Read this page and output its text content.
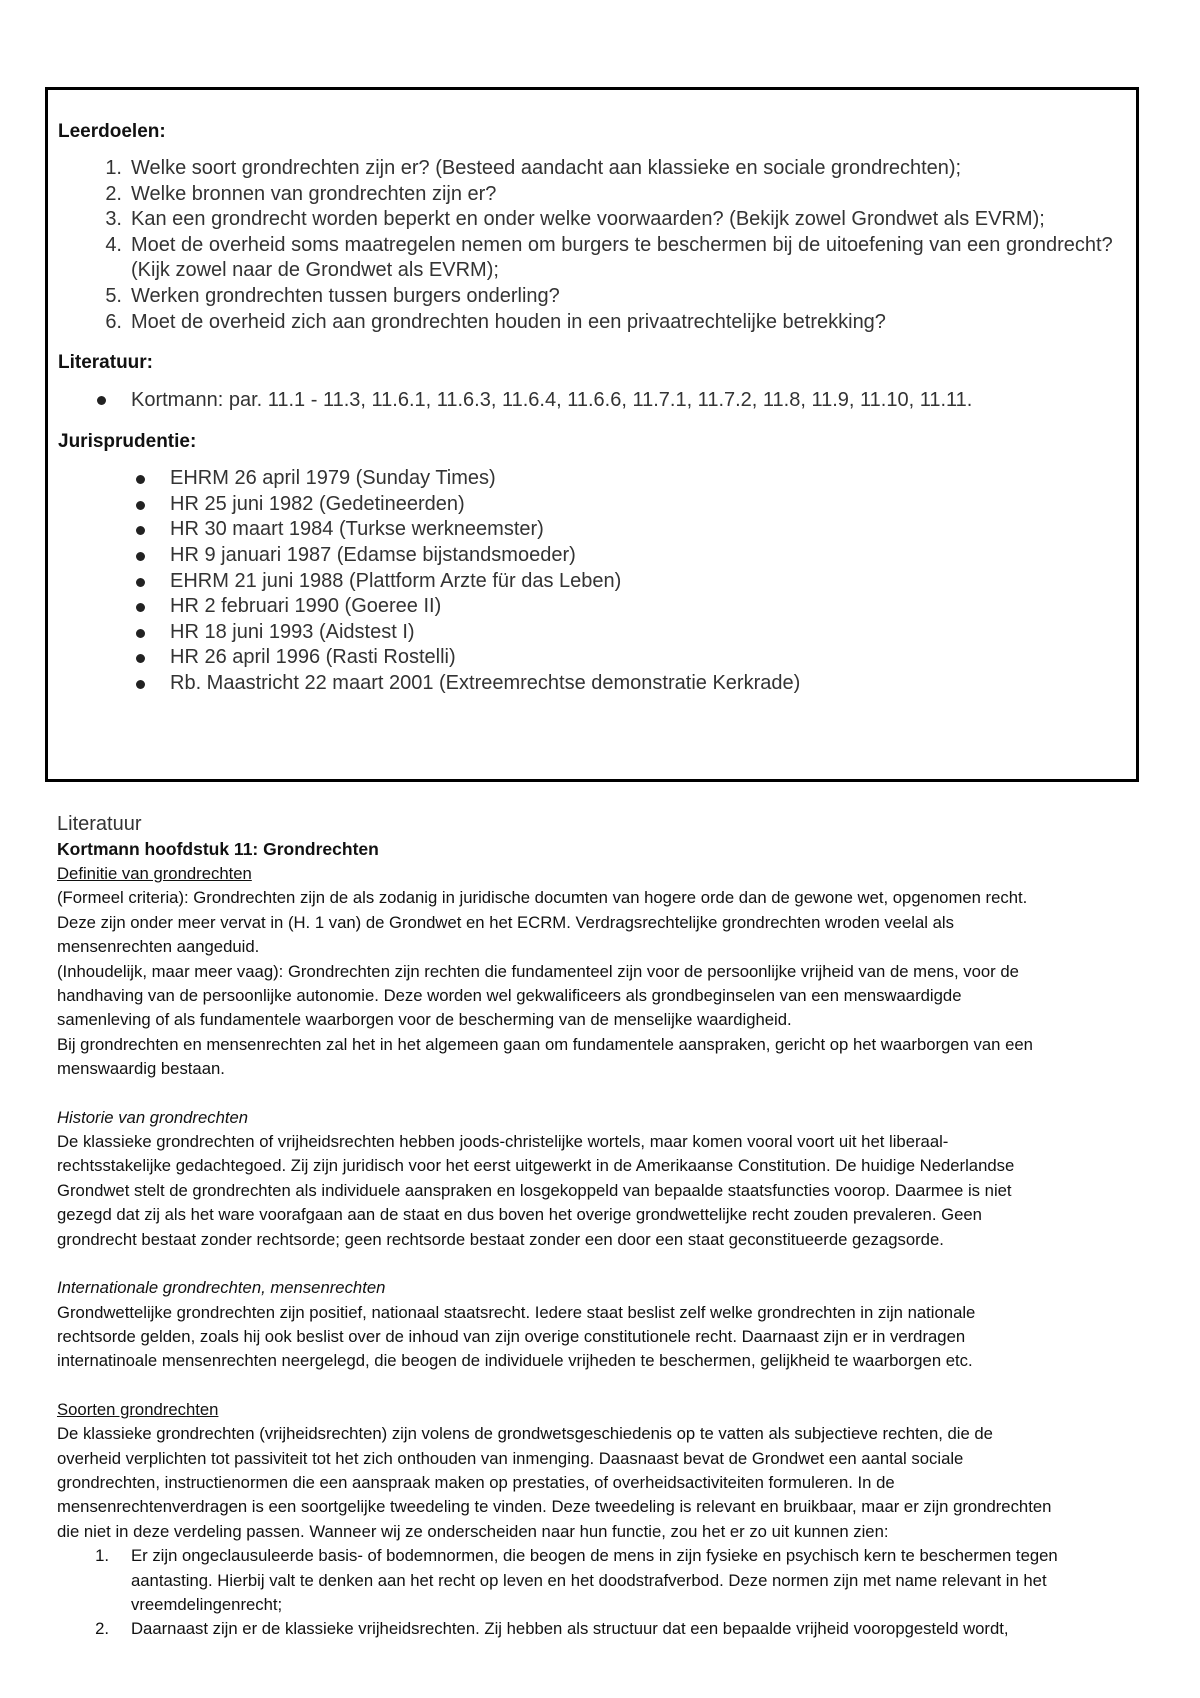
Leerdoelen:

1. Welke soort grondrechten zijn er? (Besteed aandacht aan klassieke en sociale grondrechten);
2. Welke bronnen van grondrechten zijn er?
3. Kan een grondrecht worden beperkt en onder welke voorwaarden? (Bekijk zowel Grondwet als EVRM);
4. Moet de overheid soms maatregelen nemen om burgers te beschermen bij de uitoefening van een grondrecht? (Kijk zowel naar de Grondwet als EVRM);
5. Werken grondrechten tussen burgers onderling?
6. Moet de overheid zich aan grondrechten houden in een privaatrechtelijke betrekking?

Literatuur:

Kortmann: par. 11.1 - 11.3, 11.6.1, 11.6.3, 11.6.4, 11.6.6, 11.7.1, 11.7.2, 11.8, 11.9, 11.10, 11.11.

Jurisprudentie:

EHRM 26 april 1979 (Sunday Times)
HR 25 juni 1982 (Gedetineerden)
HR 30 maart 1984 (Turkse werkneemster)
HR 9 januari 1987 (Edamse bijstandsmoeder)
EHRM 21 juni 1988 (Plattform Arzte für das Leben)
HR 2 februari 1990 (Goeree II)
HR 18 juni 1993 (Aidstest I)
HR 26 april 1996 (Rasti Rostelli)
Rb. Maastricht 22 maart 2001 (Extreemrechtse demonstratie Kerkrade)

Literatuur

Kortmann hoofdstuk 11: Grondrechten

Definitie van grondrechten

(Formeel criteria): Grondrechten zijn de als zodanig in juridische documten van hogere orde dan de gewone wet, opgenomen recht.

Deze zijn onder meer vervat in (H. 1 van) de Grondwet en het ECRM. Verdragsrechtelijke grondrechten wroden veelal als

mensenrechten aangeduid.

(Inhoudelijk, maar meer vaag): Grondrechten zijn rechten die fundamenteel zijn voor de persoonlijke vrijheid van de mens, voor de

handhaving van de persoonlijke autonomie. Deze worden wel gekwalificeers als grondbeginselen van een menswaardigde

samenleving of als fundamentele waarborgen voor de bescherming van de menselijke waardigheid.

Bij grondrechten en mensenrechten zal het in het algemeen gaan om fundamentele aanspraken, gericht op het waarborgen van een

menswaardig bestaan.

Historie van grondrechten

De klassieke grondrechten of vrijheidsrechten hebben joods-christelijke wortels, maar komen vooral voort uit het liberaal-

rechtsstakelijke gedachtegoed. Zij zijn juridisch voor het eerst uitgewerkt in de Amerikaanse Constitution. De huidige Nederlandse

Grondwet stelt de grondrechten als individuele aanspraken en losgekoppeld van bepaalde staatsfuncties voorop. Daarmee is niet

gezegd dat zij als het ware voorafgaan aan de staat en dus boven het overige grondwettelijke recht zouden prevaleren. Geen

grondrecht bestaat zonder rechtsorde; geen rechtsorde bestaat zonder een door een staat geconstitueerde gezagsorde.

Internationale grondrechten, mensenrechten

Grondwettelijke grondrechten zijn positief, nationaal staatsrecht. Iedere staat beslist zelf welke grondrechten in zijn nationale

rechtsorde gelden, zoals hij ook beslist over de inhoud van zijn overige constitutionele recht. Daarnaast zijn er in verdragen

internatinoale mensenrechten neergelegd, die beogen de individuele vrijheden te beschermen, gelijkheid te waarborgen etc.

Soorten grondrechten

De klassieke grondrechten (vrijheidsrechten) zijn volens de grondwetsgeschiedenis op te vatten als subjectieve rechten, die de

overheid verplichten tot passiviteit tot het zich onthouden van inmenging. Daasnaast bevat de Grondwet een aantal sociale

grondrechten, instructienormen die een aanspraak maken op prestaties, of overheidsactiviteiten formuleren. In de

mensenrechtenverdragen is een soortgelijke tweedeling te vinden. Deze tweedeling is relevant en bruikbaar, maar er zijn grondrechten

die niet in deze verdeling passen. Wanneer wij ze onderscheiden naar hun functie, zou het er zo uit kunnen zien:

1. Er zijn ongeclausuleerde basis- of bodemnormen, die beogen de mens in zijn fysieke en psychisch kern te beschermen tegen

aantasting. Hierbij valt te denken aan het recht op leven en het doodstrafverbod. Deze normen zijn met name relevant in het

vreemdelingenrecht;

2. Daarnaast zijn er de klassieke vrijheidsrechten. Zij hebben als structuur dat een bepaalde vrijheid vooropgesteld wordt,
